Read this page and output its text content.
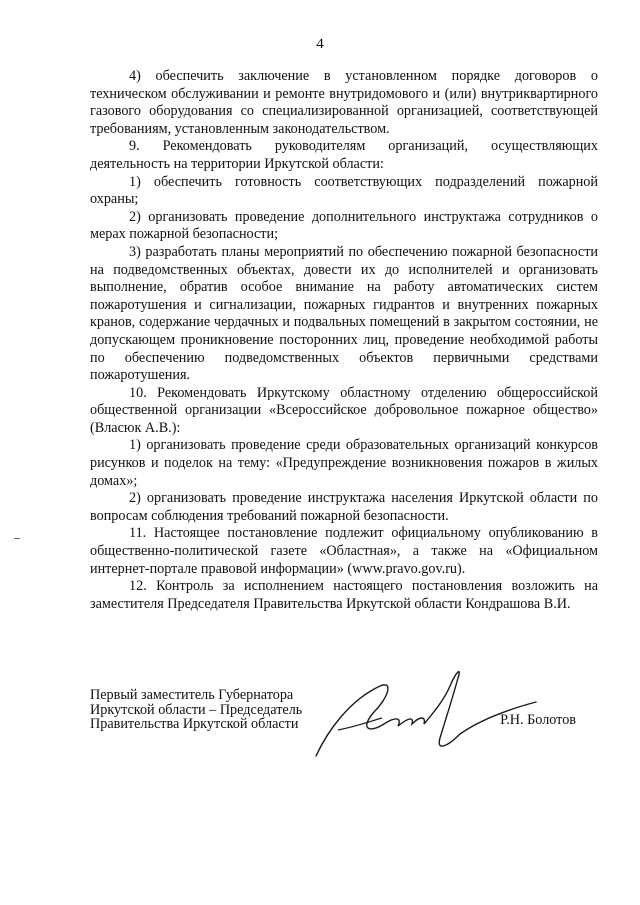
4

4) обеспечить заключение в установленном порядке договоров о техническом обслуживании и ремонте внутридомового и (или) внутриквартирного газового оборудования со специализированной организацией, соответствующей требованиям, установленным законодательством.

9. Рекомендовать руководителям организаций, осуществляющих деятельность на территории Иркутской области:

1) обеспечить готовность соответствующих подразделений пожарной охраны;

2) организовать проведение дополнительного инструктажа сотрудников о мерах пожарной безопасности;

3) разработать планы мероприятий по обеспечению пожарной безопасности на подведомственных объектах, довести их до исполнителей и организовать выполнение, обратив особое внимание на работу автоматических систем пожаротушения и сигнализации, пожарных гидрантов и внутренних пожарных кранов, содержание чердачных и подвальных помещений в закрытом состоянии, не допускающем проникновение посторонних лиц, проведение необходимой работы по обеспечению подведомственных объектов первичными средствами пожаротушения.

10. Рекомендовать Иркутскому областному отделению общероссийской общественной организации «Всероссийское добровольное пожарное общество» (Власюк А.В.):

1) организовать проведение среди образовательных организаций конкурсов рисунков и поделок на тему: «Предупреждение возникновения пожаров в жилых домах»;

2) организовать проведение инструктажа населения Иркутской области по вопросам соблюдения требований пожарной безопасности.

11. Настоящее постановление подлежит официальному опубликованию в общественно-политической газете «Областная», а также на «Официальном интернет-портале правовой информации» (www.pravo.gov.ru).

12. Контроль за исполнением настоящего постановления возложить на заместителя Председателя Правительства Иркутской области Кондрашова В.И.

Первый заместитель Губернатора
Иркутской области – Председатель
Правительства Иркутской области	Р.Н. Болотов
